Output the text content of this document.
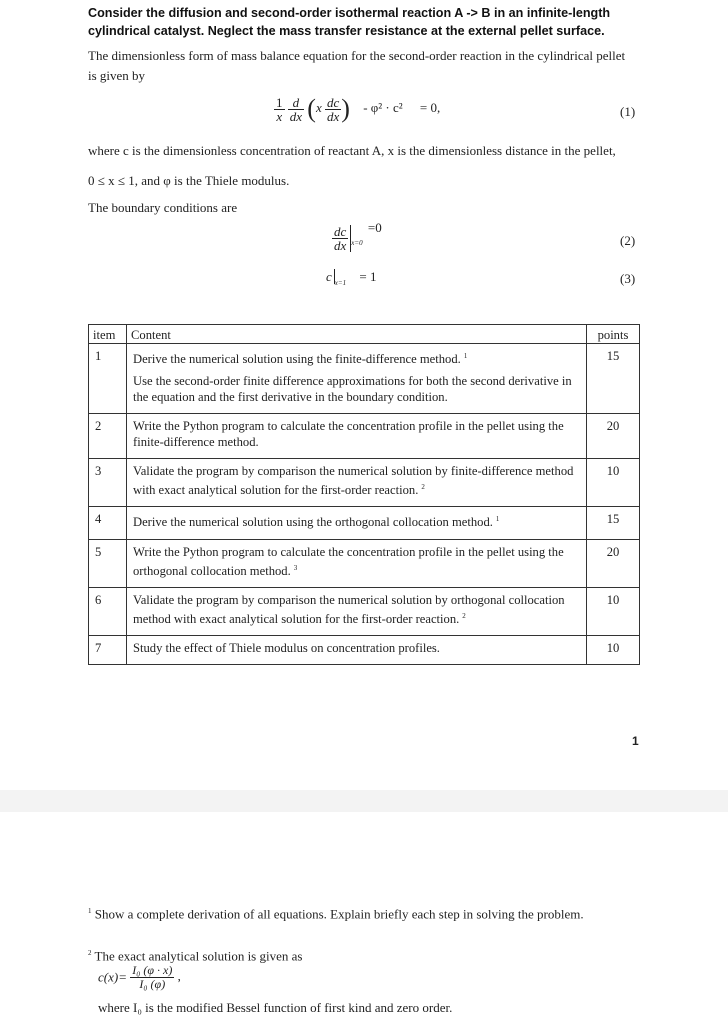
Consider the diffusion and second-order isothermal reaction A -> B in an infinite-length cylindrical catalyst. Neglect the mass transfer resistance at the external pellet surface.
The dimensionless form of mass balance equation for the second-order reaction in the cylindrical pellet
is given by
$\frac{1}{x}$
$\frac{d}{dx} (x \frac{dc}{dx}$ ) - φ² · c² = 0,	(1)
where c is the dimensionless concentration of reactant A, x is the dimensionless distance in the pellet,
0 ≤ x ≤ 1, and φ is the Thiele modulus.
The boundary conditions are
$\frac{dc}{dx} _{x=0} =0$
(2)
c $_{x=1}$ = 1	(3)
item	Content	points
1	Derive the numerical solution using the finite-difference method. $^1$
Use the second-order finite difference approximations for both the second derivative in the equation and the first derivative in the boundary condition.	15
2	Write the Python program to calculate the concentration profile in the pellet using the finite-difference method.	20
3	Validate the program by comparison the numerical solution by finite-difference method with exact analytical solution for the first-order reaction. $^2$	10
4	Derive the numerical solution using the orthogonal collocation method. $^1$	15
5	Write the Python program to calculate the concentration profile in the pellet using the orthogonal collocation method. $^3$	20
6	Validate the program by comparison the numerical solution by orthogonal collocation method with exact analytical solution for the first-order reaction. $^2$	10
7	Study the effect of Thiele modulus on concentration profiles.	10
1
$^1$ Show a complete derivation of all equations. Explain briefly each step in solving the problem.
$^2$ The exact analytical solution is given as
$c(x)= \frac{\text{I₀ (φ · x)}}{\text{I₀ (φ)}}$ ,
where I₀ is the modified Bessel function of first kind and zero order.
